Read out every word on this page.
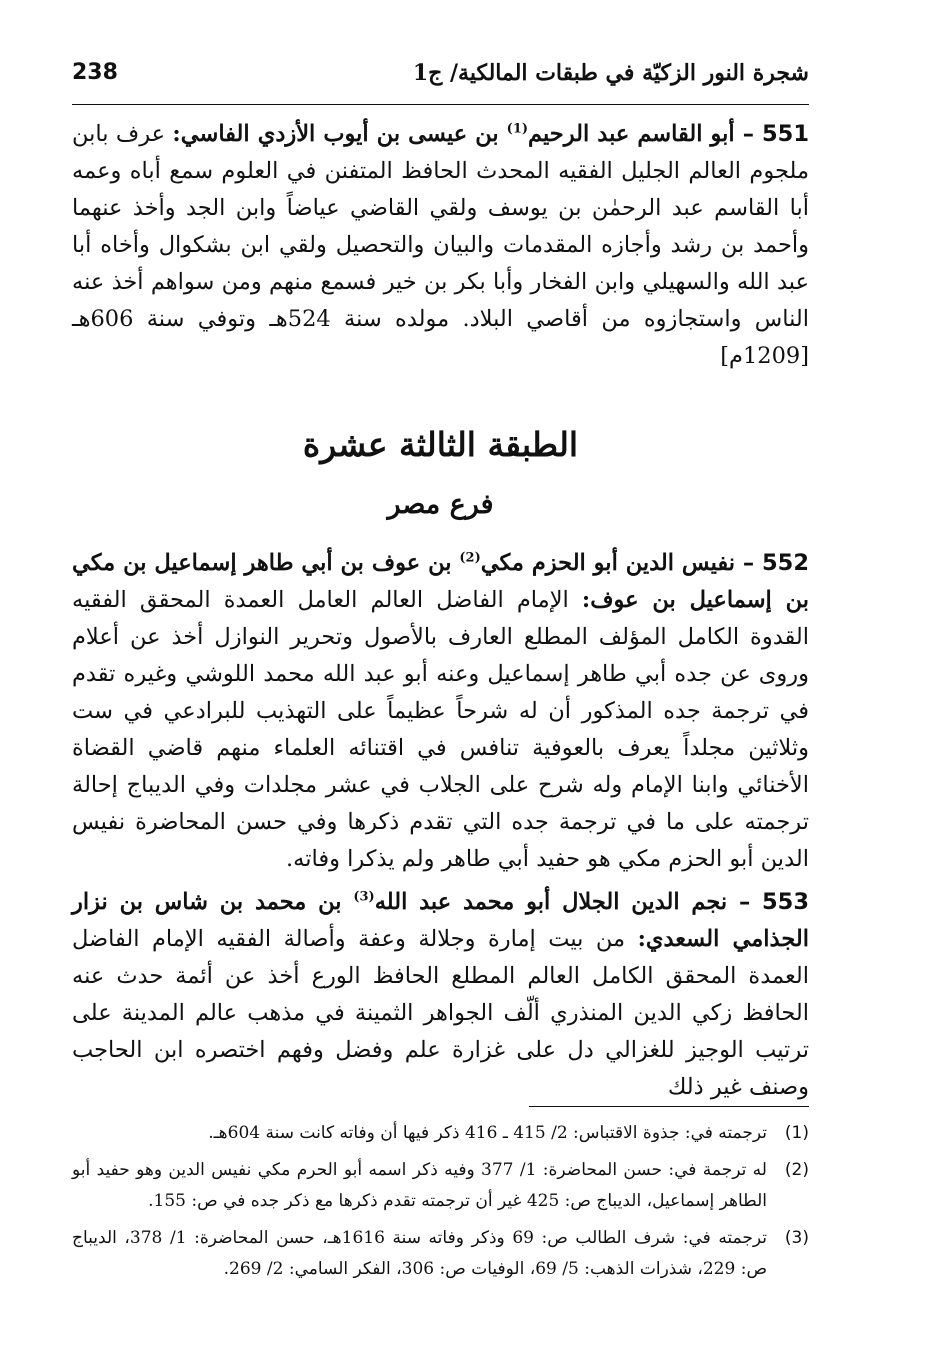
238	شجرة النور الزكيّة في طبقات المالكية/ ج1

551 – أبو القاسم عبد الرحيم$^{(1)}$ بن عيسى بن أيوب الأزدي الفاسي: عرف بابن ملجوم العالم الجليل الفقيه المحدث الحافظ المتفنن في العلوم سمع أباه وعمه أبا القاسم عبد الرحمٰن بن يوسف ولقي القاضي عياضاً وابن الجد وأخذ عنهما وأحمد بن رشد وأجازه المقدمات والبيان والتحصيل ولقي ابن بشكوال وأخاه أبا عبد الله والسهيلي وابن الفخار وأبا بكر بن خير فسمع منهم ومن سواهم أخذ عنه الناس واستجازوه من أقاصي البلاد. مولده سنة 524هـ وتوفي سنة 606هـ [1209م]

الطبقة الثالثة عشرة
فرع مصر

552 – نفيس الدين أبو الحزم مكي$^{(2)}$ بن عوف بن أبي طاهر إسماعيل بن مكي بن إسماعيل بن عوف: الإمام الفاضل العالم العامل العمدة المحقق الفقيه القدوة الكامل المؤلف المطلع العارف بالأصول وتحرير النوازل أخذ عن أعلام وروى عن جده أبي طاهر إسماعيل وعنه أبو عبد الله محمد اللوشي وغيره تقدم في ترجمة جده المذكور أن له شرحاً عظيماً على التهذيب للبرادعي في ست وثلاثين مجلداً يعرف بالعوفية تنافس في اقتنائه العلماء منهم قاضي القضاة الأخنائي وابنا الإمام وله شرح على الجلاب في عشر مجلدات وفي الديباج إحالة ترجمته على ما في ترجمة جده التي تقدم ذكرها وفي حسن المحاضرة نفيس الدين أبو الحزم مكي هو حفيد أبي طاهر ولم يذكرا وفاته.

553 – نجم الدين الجلال أبو محمد عبد الله$^{(3)}$ بن محمد بن شاس بن نزار الجذامي السعدي: من بيت إمارة وجلالة وعفة وأصالة الفقيه الإمام الفاضل العمدة المحقق الكامل العالم المطلع الحافظ الورع أخذ عن أئمة حدث عنه الحافظ زكي الدين المنذري ألّف الجواهر الثمينة في مذهب عالم المدينة على ترتيب الوجيز للغزالي دل على غزارة علم وفضل وفهم اختصره ابن الحاجب وصنف غير ذلك

(1)
ترجمته في: جذوة الاقتباس: 2/ 415 ـ 416 ذكر فيها أن وفاته كانت سنة 604هـ.
(2)
له ترجمة في: حسن المحاضرة: 1/ 377 وفيه ذكر اسمه أبو الحرم مكي نفيس الدين وهو حفيد أبو الطاهر إسماعيل، الديباج ص: 425 غير أن ترجمته تقدم ذكرها مع ذكر جده في ص: 155.
(3)
ترجمته في: شرف الطالب ص: 69 وذكر وفاته سنة 1616هـ، حسن المحاضرة: 1/ 378، الديباج ص: 229، شذرات الذهب: 5/ 69، الوفيات ص: 306، الفكر السامي: 2/ 269.
